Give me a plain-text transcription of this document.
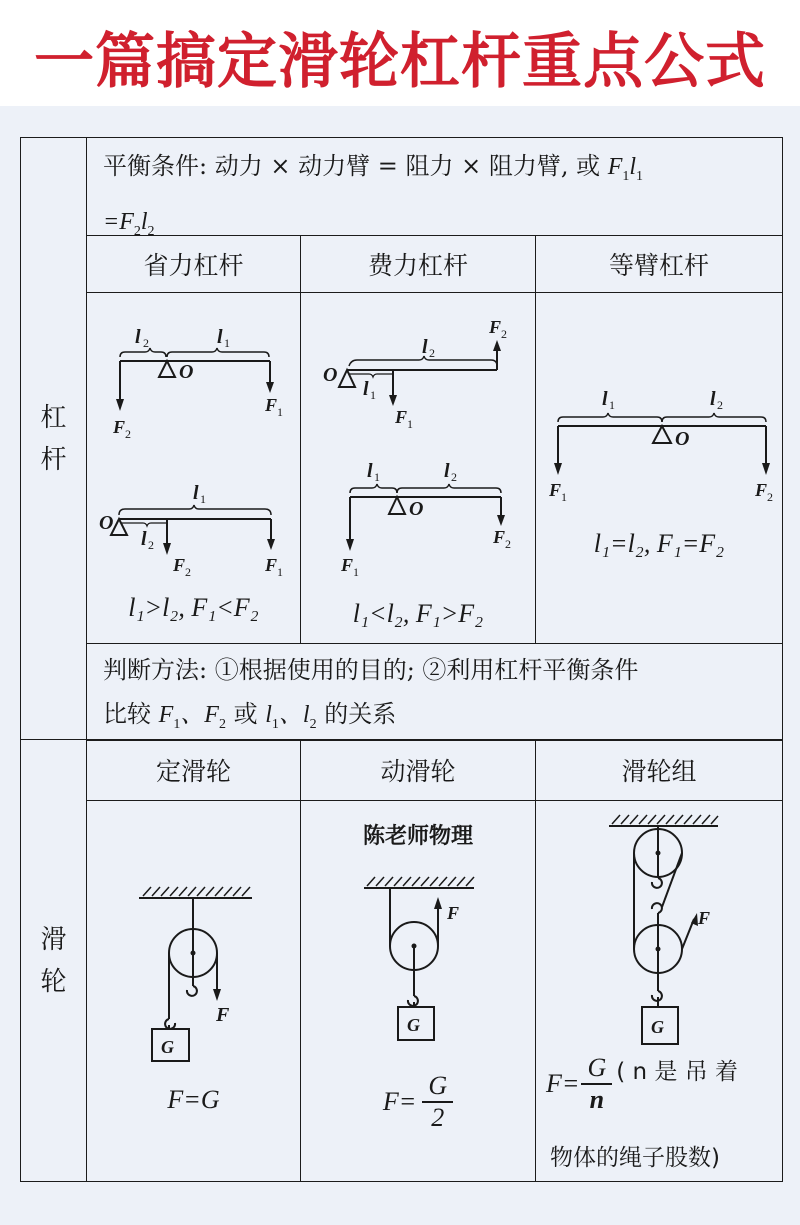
一篇搞定滑轮杠杆重点公式
杠
杆
平衡条件: 动力 × 动力臂 = 阻力 × 阻力臂, 或 $F_1l_1$
$=F_2l_2$
省力杠杆	费力杠杆	等臂杠杆
l 2	l 1
O
F 2
F 1
l 1
O
l 2
F 2	F 1
l₁>l₂, F₁<F₂
l 2
O
l 1
F 1
F 2
l 1	l 2
O
F 1
F 2
l₁<l₂, F₁>F₂
l 1	l 2
O
F 1	F 2
l₁=l₂, F₁=F₂
判断方法: ①根据使用的目的; ②利用杠杆平衡条件
比较 $F_1$、$F_2$ 或 $l_1$、$l_2$ 的关系
滑
轮
定滑轮	动滑轮	滑轮组
F
G
F=G
陈老师物理
F
G
$F= \frac{G}{2}$
F
G
$F= \frac{G}{n}$ ( n 是 吊 着
物体的绳子股数)
